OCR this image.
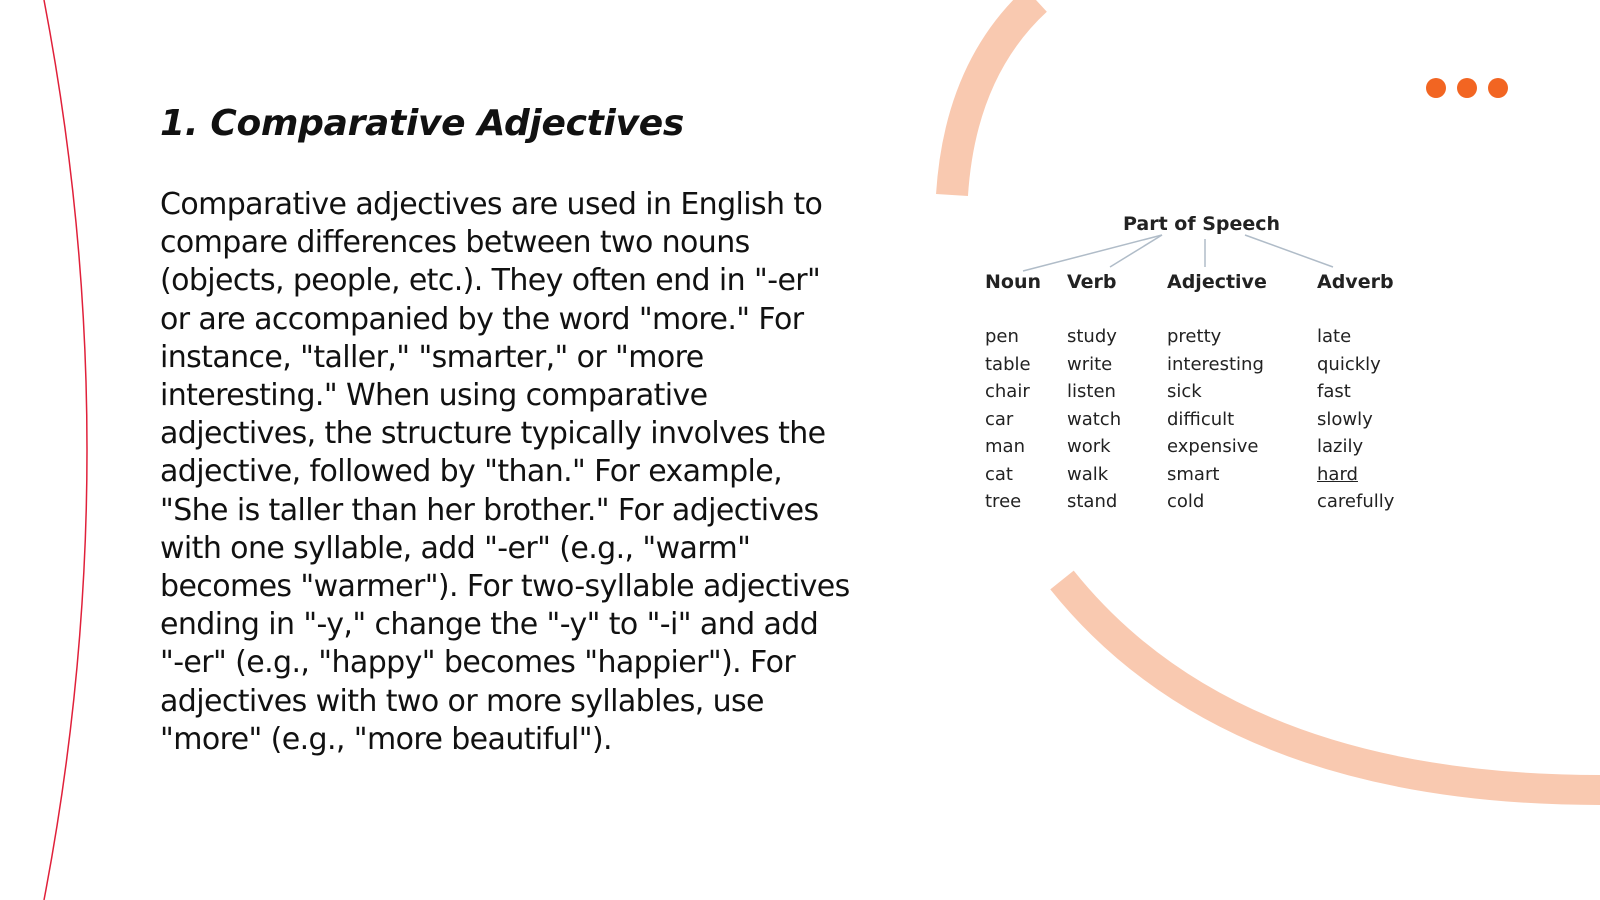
1. Comparative Adjectives

Comparative adjectives are used in English to compare differences between two nouns (objects, people, etc.). They often end in "-er" or are accompanied by the word "more." For instance, "taller," "smarter," or "more interesting." When using comparative adjectives, the structure typically involves the adjective, followed by "than." For example, "She is taller than her brother." For adjectives with one syllable, add "-er" (e.g., "warm" becomes "warmer"). For two-syllable adjectives ending in "-y," change the "-y" to "-i" and add "-er" (e.g., "happy" becomes "happier"). For adjectives with two or more syllables, use "more" (e.g., "more beautiful").

Part of Speech
Noun
pen
table
chair
car
man
cat
tree
Verb
study
write
listen
watch
work
walk
stand
Adjective
pretty
interesting
sick
difficult
expensive
smart
cold
Adverb
late
quickly
fast
slowly
lazily
hard
carefully
